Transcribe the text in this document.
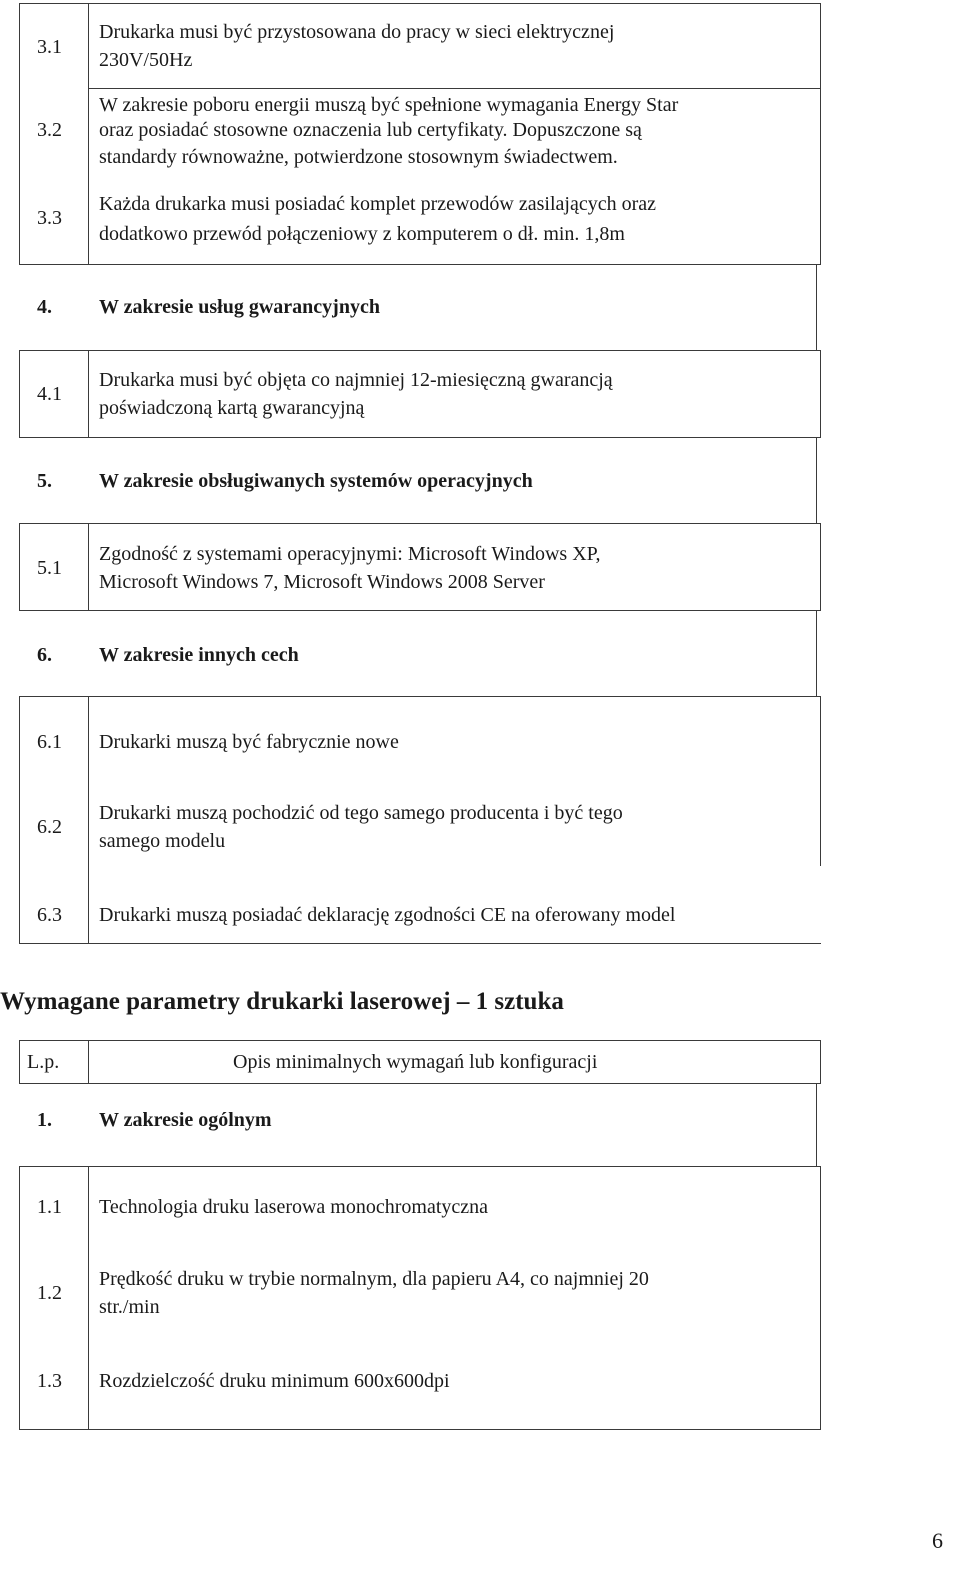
3.1
Drukarka musi być przystosowana do pracy w sieci elektrycznej
230V/50Hz
3.2
W zakresie poboru energii muszą być spełnione wymagania Energy Star
oraz posiadać stosowne oznaczenia lub certyfikaty. Dopuszczone są
standardy równoważne, potwierdzone stosownym świadectwem.
3.3
Każda drukarka musi posiadać komplet przewodów zasilających oraz
dodatkowo przewód połączeniowy z komputerem o dł. min. 1,8m
4. W zakresie usług gwarancyjnych
4.1
Drukarka musi być objęta co najmniej 12-miesięczną gwarancją
poświadczoną kartą gwarancyjną
5. W zakresie obsługiwanych systemów operacyjnych
5.1
Zgodność z systemami operacyjnymi: Microsoft Windows XP,
Microsoft Windows 7, Microsoft Windows 2008 Server
6. W zakresie innych cech
6.1 Drukarki muszą być fabrycznie nowe
6.2
Drukarki muszą pochodzić od tego samego producenta i być tego
samego modelu
6.3 Drukarki muszą posiadać deklarację zgodności CE na oferowany model
Wymagane parametry drukarki laserowej – 1 sztuka
L.p.	Opis minimalnych wymagań lub konfiguracji
1. W zakresie ogólnym
1.1 Technologia druku laserowa monochromatyczna
1.2
Prędkość druku w trybie normalnym, dla papieru A4, co najmniej 20
str./min
1.3 Rozdzielczość druku minimum 600x600dpi
6
